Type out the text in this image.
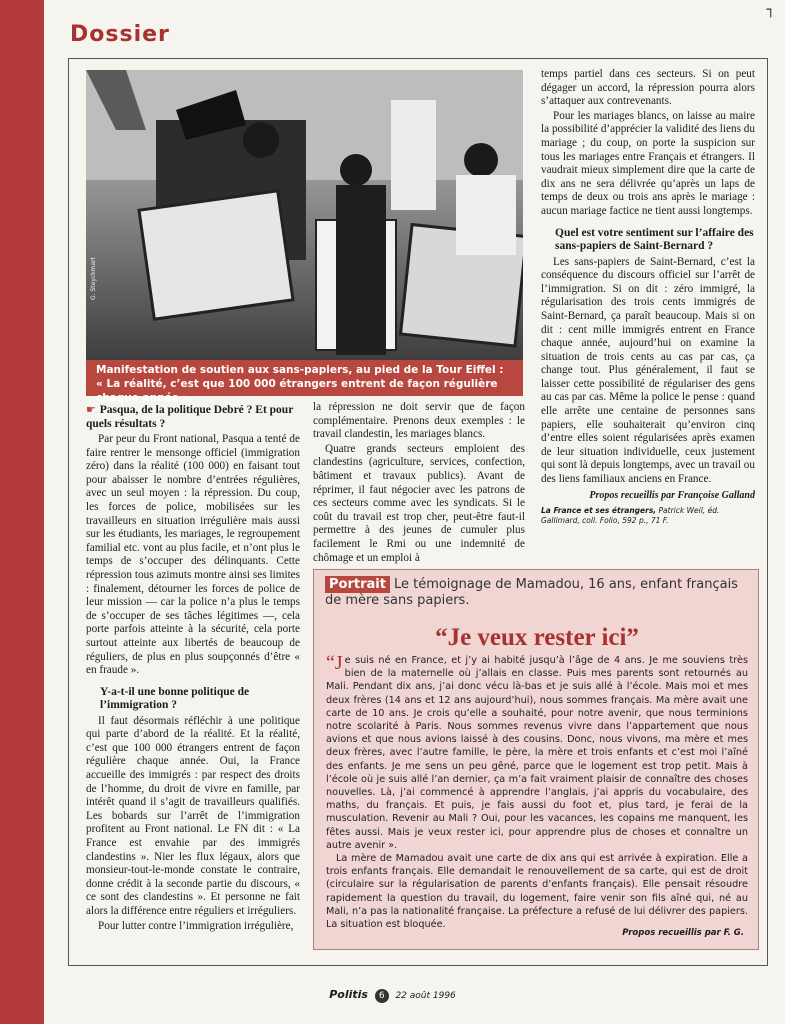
Dossier
┐
G. Steyckmart
Manifestation de soutien aux sans-papiers, au pied de la Tour Eiffel : « La réalité, c’est que 100 000 étrangers entrent de façon régulière chaque année ».
☛ Pasqua, de la politique Debré ? Et pour quels résultats ?

Par peur du Front national, Pasqua a tenté de faire rentrer le mensonge officiel (immigration zéro) dans la réalité (100 000) en faisant tout pour abaisser le nombre d’entrées régulières, avec un seul moyen : la répression. Du coup, les forces de police, mobilisées sur les travailleurs en situation irrégulière mais aussi sur les étudiants, les mariages, le regroupement familial etc. vont au plus facile, et n’ont plus le temps de s’occuper des délinquants. Cette répression tous azimuts montre ainsi ses limites : finalement, détourner les forces de police de leur mission — car la police n’a plus le temps de s’occuper de ses tâches légitimes —, cela porte parfois atteinte à la sécurité, cela porte surtout atteinte aux libertés de beaucoup de réguliers, de plus en plus soupçonnés d’être « en fraude ».

Y-a-t-il une bonne politique de l’immigration ?

Il faut désormais réfléchir à une politique qui parte d’abord de la réalité. Et la réalité, c’est que 100 000 étrangers entrent de façon régulière chaque année. Oui, la France accueille des immigrés : par respect des droits de l’homme, du droit de vivre en famille, par intérêt quand il s’agit de travailleurs qualifiés. Les bobards sur l’arrêt de l’immigration profitent au Front national. Le FN dit : « La France est envahie par des immigrés clandestins ». Nier les flux légaux, alors que monsieur-tout-le-monde constate le contraire, donne crédit à la seconde partie du discours, « ce sont des clandestins ». Et personne ne fait alors la différence entre réguliers et irréguliers.

Pour lutter contre l’immigration irrégulière,

la répression ne doit servir que de façon complémentaire. Prenons deux exemples : le travail clandestin, les mariages blancs.

Quatre grands secteurs emploient des clandestins (agriculture, services, confection, bâtiment et travaux publics). Avant de réprimer, il faut négocier avec les patrons de ces secteurs comme avec les syndicats. Si le coût du travail est trop cher, peut-être faut-il permettre à des jeunes de cumuler plus facilement le Rmi ou une indemnité de chômage et un emploi à

temps partiel dans ces secteurs. Si on peut dégager un accord, la répression pourra alors s’attaquer aux contrevenants.

Pour les mariages blancs, on laisse au maire la possibilité d’apprécier la validité des liens du mariage ; du coup, on porte la suspicion sur tous les mariages entre Français et étrangers. Il vaudrait mieux simplement dire que la carte de dix ans ne sera délivrée qu’après un laps de temps de deux ou trois ans après le mariage : aucun mariage factice ne tient aussi longtemps.

Quel est votre sentiment sur l’affaire des sans-papiers de Saint-Bernard ?

Les sans-papiers de Saint-Bernard, c’est la conséquence du discours officiel sur l’arrêt de l’immigration. Si on dit : zéro immigré, la régularisation des trois cents immigrés de Saint-Bernard, ça paraît beaucoup. Mais si on dit : cent mille immigrés entrent en France chaque année, aujourd’hui on examine la situation de trois cents au cas par cas, ça change tout. Plus généralement, il faut se laisser cette possibilité de régulariser des gens au cas par cas. Même la police le pense : quand elle arrête une centaine de personnes sans papiers, elle souhaiterait qu’environ cinq d’entre elles soient régularisées après examen de leur situation individuelle, ceux justement qui sont là depuis longtemps, avec un travail ou des liens familiaux anciens en France.

Propos recueillis par Françoise Galland
La France et ses étrangers, Patrick Weil, éd. Gallimard, coll. Folio, 592 p., 71 F.
Portrait Le témoignage de Mamadou, 16 ans, enfant français de mère sans papiers.
“Je veux rester ici”

“Je suis né en France, et j’y ai habité jusqu’à l’âge de 4 ans. Je me souviens très bien de la maternelle où j’allais en classe. Puis mes parents sont retournés au Mali. Pendant dix ans, j’ai donc vécu là-bas et je suis allé à l’école. Mais moi et mes deux frères (14 ans et 12 ans aujourd’hui), nous sommes français. Ma mère avait une carte de 10 ans. Je crois qu’elle a souhaité, pour notre avenir, que nous terminions notre scolarité à Paris. Nous sommes revenus vivre dans l’appartement que nous avions et que nous avions laissé à des cousins. Donc, nous vivons, ma mère et mes deux frères, avec l’autre famille, le père, la mère et trois enfants et c’est moi l’aîné des enfants. Je me sens un peu gêné, parce que le logement est trop petit. Mais à l’école où je suis allé l’an dernier, ça m’a fait vraiment plaisir de connaître des choses nouvelles. Là, j’ai commencé à apprendre l’anglais, j’ai appris du vocabulaire, des maths, du français. Et puis, je fais aussi du foot et, plus tard, je ferai de la musculation. Revenir au Mali ? Oui, pour les vacances, les copains me manquent, les fêtes aussi. Mais je veux rester ici, pour apprendre plus de choses et connaître un autre avenir ».

La mère de Mamadou avait une carte de dix ans qui est arrivée à expiration. Elle a trois enfants français. Elle demandait le renouvellement de sa carte, qui est de droit (circulaire sur la régularisation de parents d’enfants français). Elle pensait résoudre rapidement la question du travail, du logement, faire venir son fils aîné qui, né au Mali, n’a pas la nationalité française. La préfecture a refusé de lui délivrer des papiers. La situation est bloquée.

Propos recueillis par F. G.
Politis 6 22 août 1996
